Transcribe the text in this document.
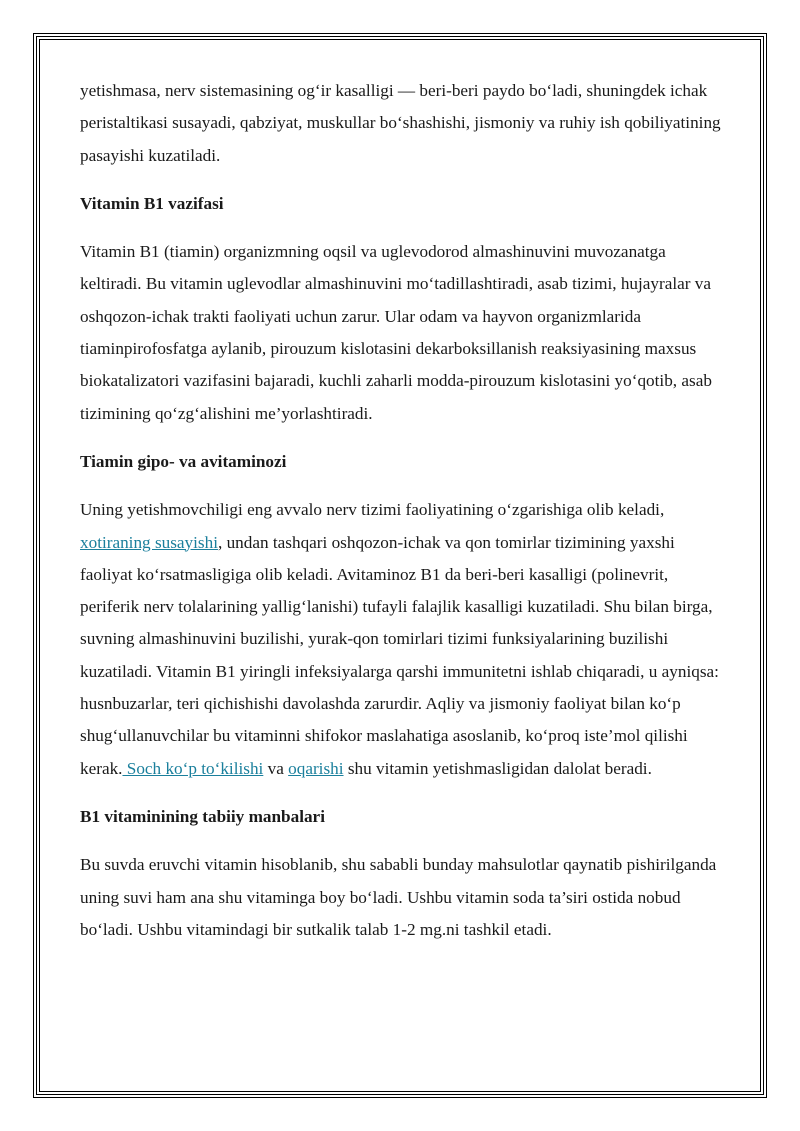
yetishmasa, nerv sistemasining og‘ir kasalligi — beri-beri paydo bo‘ladi, shuningdek ichak peristaltikasi susayadi, qabziyat, muskullar bo‘shashishi, jismoniy va ruhiy ish qobiliyatining pasayishi kuzatiladi.

Vitamin B1 vazifasi

Vitamin B1 (tiamin) organizmning oqsil va uglevodorod almashinuvini muvozanatga keltiradi. Bu vitamin uglevodlar almashinuvini mo‘tadillashtiradi, asab tizimi, hujayralar va oshqozon-ichak trakti faoliyati uchun zarur. Ular odam va hayvon organizmlarida tiaminpirofosfatga aylanib, pirouzum kislotasini dekarboksillanish reaksiyasining maxsus biokatalizatori vazifasini bajaradi, kuchli zaharli modda-pirouzum kislotasini yo‘qotib, asab tizimining qo‘zg‘alishini me’yorlashtiradi.

Tiamin gipo- va avitaminozi

Uning yetishmovchiligi eng avvalo nerv tizimi faoliyatining o‘zgarishiga olib keladi, xotiraning susayishi, undan tashqari oshqozon-ichak va qon tomirlar tizimining yaxshi faoliyat ko‘rsatmasligiga olib keladi. Avitaminoz B1 da beri-beri kasalligi (polinevrit, periferik nerv tolalarining yallig‘lanishi) tufayli falajlik kasalligi kuzatiladi. Shu bilan birga, suvning almashinuvini buzilishi, yurak-qon tomirlari tizimi funksiyalarining buzilishi kuzatiladi. Vitamin B1 yiringli infeksiyalarga qarshi immunitetni ishlab chiqaradi, u ayniqsa: husnbuzarlar, teri qichishishi davolashda zarurdir. Aqliy va jismoniy faoliyat bilan ko‘p shug‘ullanuvchilar bu vitaminni shifokor maslahatiga asoslanib, ko‘proq iste’mol qilishi kerak. Soch ko‘p to‘kilishi va oqarishi shu vitamin yetishmasligidan dalolat beradi.

B1 vitaminining tabiiy manbalari

Bu suvda eruvchi vitamin hisoblanib, shu sababli bunday mahsulotlar qaynatib pishirilganda uning suvi ham ana shu vitaminga boy bo‘ladi. Ushbu vitamin soda ta’siri ostida nobud bo‘ladi. Ushbu vitamindagi bir sutkalik talab 1-2 mg.ni tashkil etadi.
